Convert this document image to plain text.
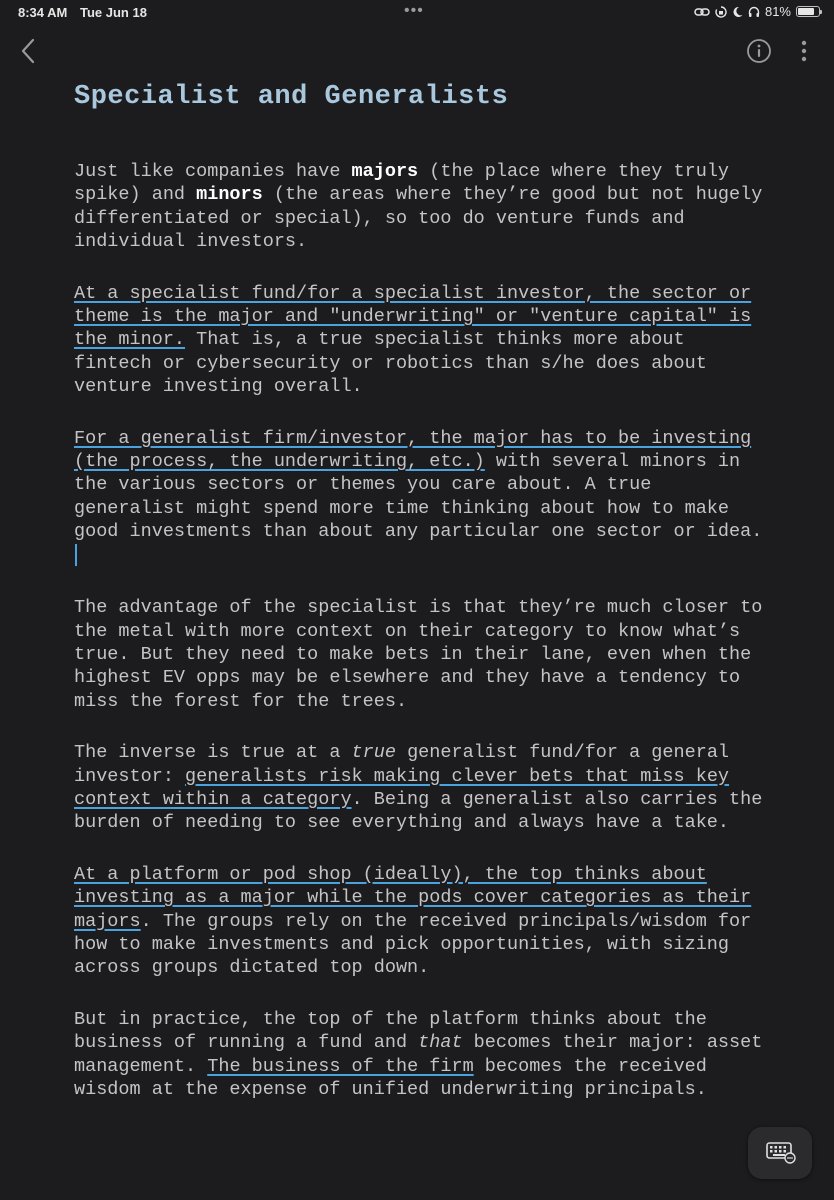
8:34 AM Tue Jun 18	•••	81%
Specialist and Generalists

Just like companies have majors (the place where they truly spike) and minors (the areas where they’re good but not hugely differentiated or special), so too do venture funds and individual investors.

At a specialist fund/for a specialist investor, the sector or theme is the major and "underwriting" or "venture capital" is the minor. That is, a true specialist thinks more about fintech or cybersecurity or robotics than s/he does about venture investing overall.

For a generalist firm/investor, the major has to be investing (the process, the underwriting, etc.) with several minors in the various sectors or themes you care about. A true generalist might spend more time thinking about how to make good investments than about any particular one sector or idea.

The advantage of the specialist is that they’re much closer to the metal with more context on their category to know what’s true. But they need to make bets in their lane, even when the highest EV opps may be elsewhere and they have a tendency to miss the forest for the trees.

The inverse is true at a true generalist fund/for a general investor: generalists risk making clever bets that miss key context within a category. Being a generalist also carries the burden of needing to see everything and always have a take.

At a platform or pod shop (ideally), the top thinks about investing as a major while the pods cover categories as their majors. The groups rely on the received principals/wisdom for how to make investments and pick opportunities, with sizing across groups dictated top down.

But in practice, the top of the platform thinks about the business of running a fund and that becomes their major: asset management. The business of the firm becomes the received wisdom at the expense of unified underwriting principals.
